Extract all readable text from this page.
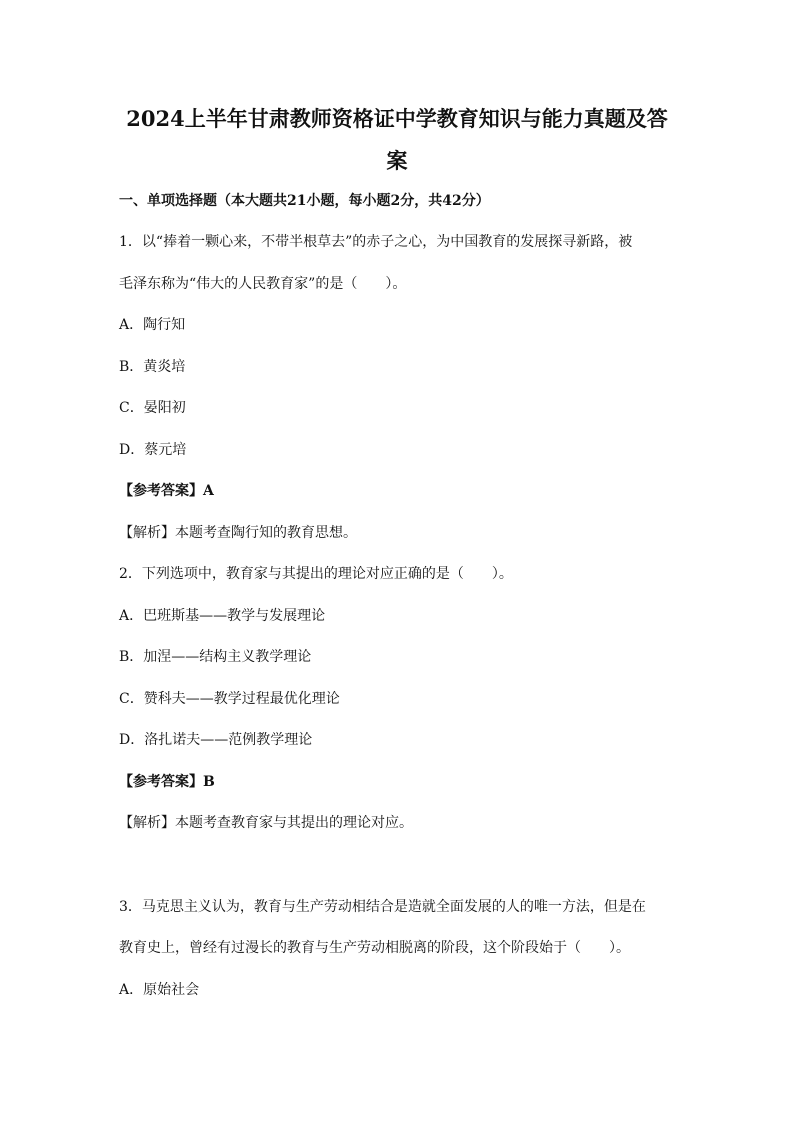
2024上半年甘肃教师资格证中学教育知识与能力真题及答
案
一、单项选择题（本大题共21小题，每小题2分，共42分）
1．以“捧着一颗心来，不带半根草去”的赤子之心，为中国教育的发展探寻新路，被
毛泽东称为“伟大的人民教育家”的是（　　）。
A．陶行知
B．黄炎培
C．晏阳初
D．蔡元培
【参考答案】A
【解析】本题考查陶行知的教育思想。
2．下列选项中，教育家与其提出的理论对应正确的是（　　）。
A．巴班斯基——教学与发展理论
B．加涅——结构主义教学理论
C．赞科夫——教学过程最优化理论
D．洛扎诺夫——范例教学理论
【参考答案】B
【解析】本题考查教育家与其提出的理论对应。
3．马克思主义认为，教育与生产劳动相结合是造就全面发展的人的唯一方法，但是在
教育史上，曾经有过漫长的教育与生产劳动相脱离的阶段，这个阶段始于（　　）。
A．原始社会
